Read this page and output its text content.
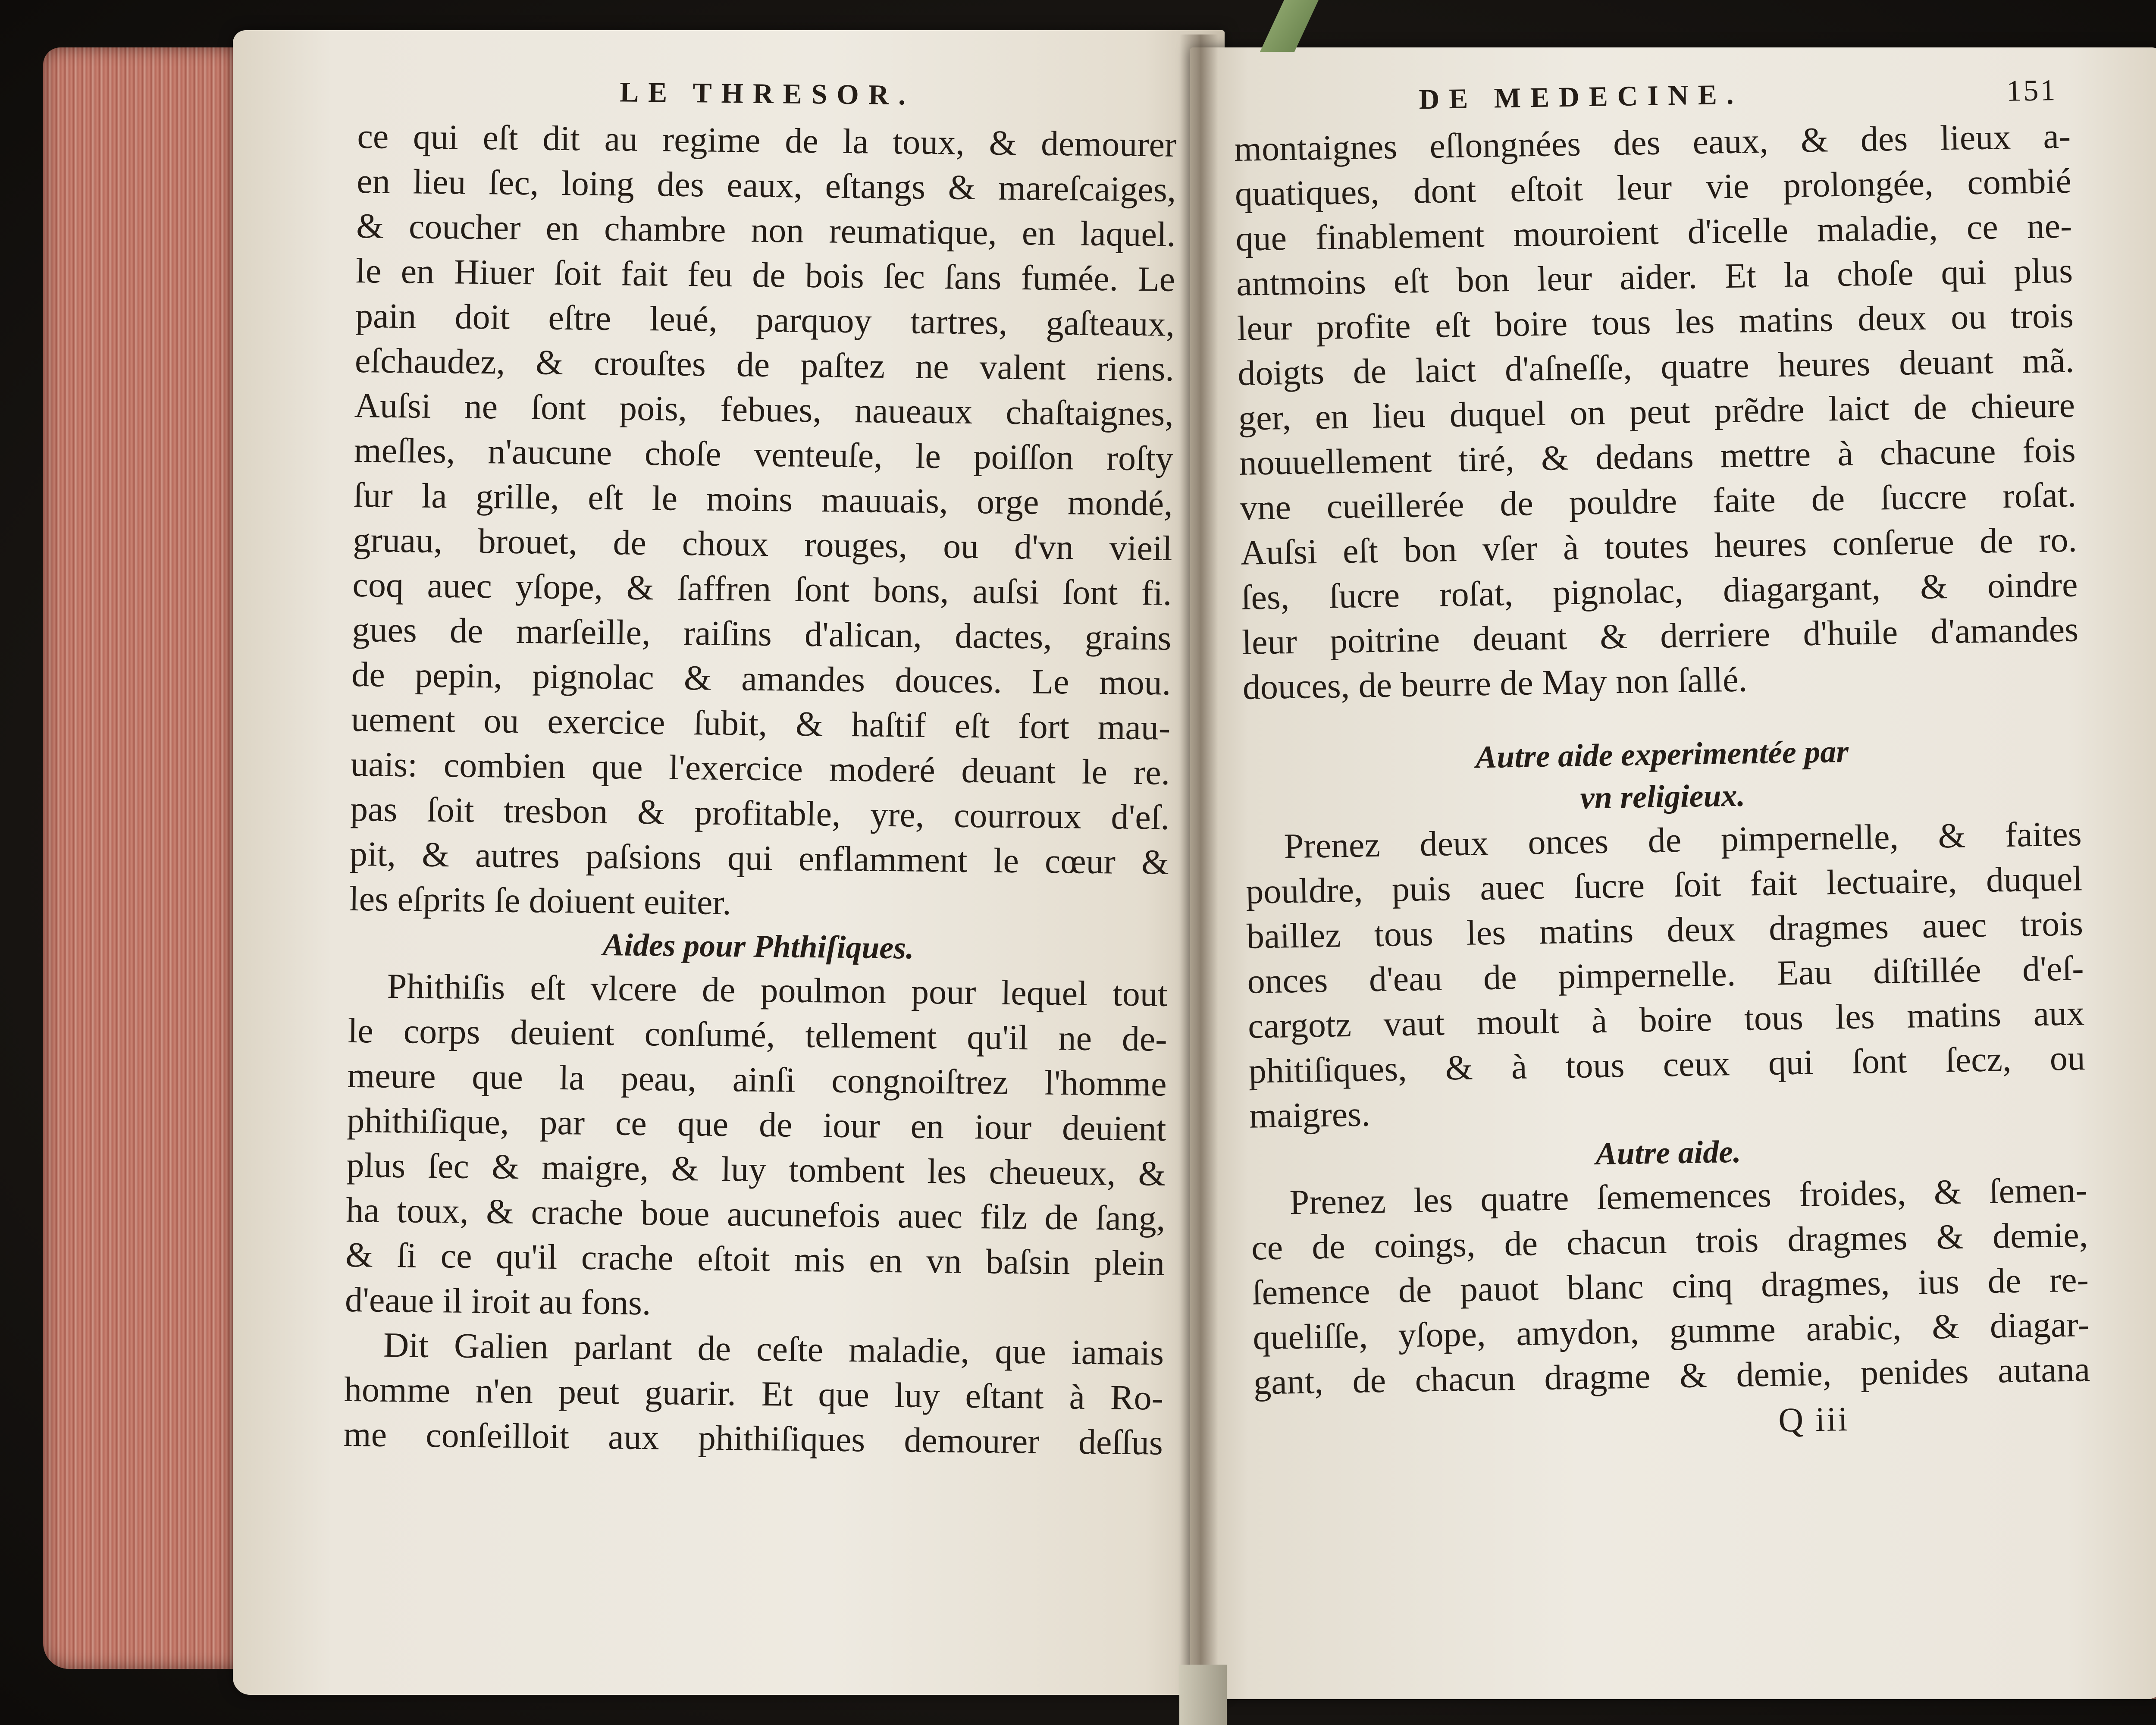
LE THRESOR.
ce qui eſt dit au regime de la toux, & demourer
en lieu ſec, loing des eaux, eſtangs & mareſcaiges,
& coucher en chambre non reumatique, en laquel.
le en Hiuer ſoit fait feu de bois ſec ſans fumée. Le
pain doit eſtre leué, parquoy tartres, gaſteaux,
eſchaudez, & crouſtes de paſtez ne valent riens.
Auſsi ne ſont pois, febues, naueaux chaſtaignes,
meſles, n'aucune choſe venteuſe, le poiſſon roſty
ſur la grille, eſt le moins mauuais, orge mondé,
gruau, brouet, de choux rouges, ou d'vn vieil
coq auec yſope, & ſaffren ſont bons, auſsi ſont fi.
gues de marſeille, raiſins d'alican, dactes, grains
de pepin, pignolac & amandes douces. Le mou.
uement ou exercice ſubit, & haſtif eſt fort mau-
uais: combien que l'exercice moderé deuant le re.
pas ſoit tresbon & profitable, yre, courroux d'eſ.
pit, & autres paſsions qui enflamment le cœur &
les eſprits ſe doiuent euiter.
Aides pour Phthiſiques.
Phithiſis eſt vlcere de poulmon pour lequel tout
le corps deuient conſumé, tellement qu'il ne de-
meure que la peau, ainſi congnoiſtrez l'homme
phithiſique, par ce que de iour en iour deuient
plus ſec & maigre, & luy tombent les cheueux, &
ha toux, & crache boue aucunefois auec filz de ſang,
& ſi ce qu'il crache eſtoit mis en vn baſsin plein
d'eaue il iroit au fons.
Dit Galien parlant de ceſte maladie, que iamais
homme n'en peut guarir. Et que luy eſtant à Ro-
me conſeilloit aux phithiſiques demourer deſſus
DE MEDECINE.	151
montaignes eſlongnées des eaux, & des lieux a-
quatiques, dont eſtoit leur vie prolongée, combié
que finablement mouroient d'icelle maladie, ce ne-
antmoins eſt bon leur aider. Et la choſe qui plus
leur profite eſt boire tous les matins deux ou trois
doigts de laict d'aſneſſe, quatre heures deuant mã.
ger, en lieu duquel on peut prẽdre laict de chieure
nouuellement tiré, & dedans mettre à chacune fois
vne cueillerée de pouldre faite de ſuccre roſat.
Auſsi eſt bon vſer à toutes heures conſerue de ro.
ſes, ſucre roſat, pignolac, diagargant, & oindre
leur poitrine deuant & derriere d'huile d'amandes
douces, de beurre de May non ſallé.
Autre aide experimentée par
vn religieux.
Prenez deux onces de pimpernelle, & faites
pouldre, puis auec ſucre ſoit fait lectuaire, duquel
baillez tous les matins deux dragmes auec trois
onces d'eau de pimpernelle. Eau diſtillée d'eſ-
cargotz vaut moult à boire tous les matins aux
phitiſiques, & à tous ceux qui ſont ſecz, ou
maigres.
Autre aide.
Prenez les quatre ſememences froides, & ſemen-
ce de coings, de chacun trois dragmes & demie,
ſemence de pauot blanc cinq dragmes, ius de re-
queliſſe, yſope, amydon, gumme arabic, & diagar-
gant, de chacun dragme & demie, penides autana
Q iii
